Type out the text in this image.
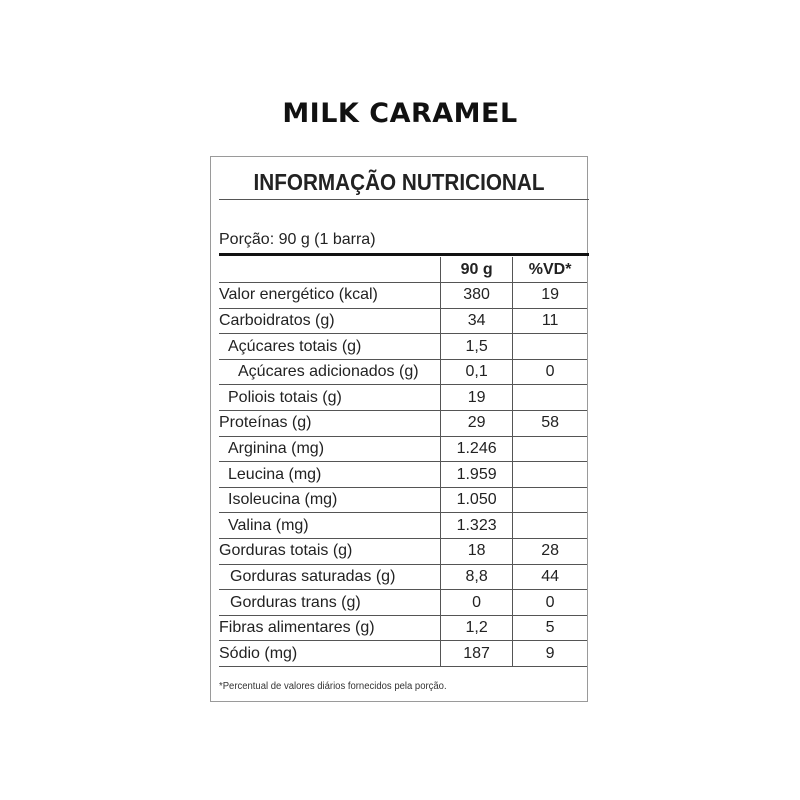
MILK CARAMEL
INFORMAÇÃO NUTRICIONAL
Porção: 90 g (1 barra)
	90 g	%VD*
Valor energético (kcal)	380	19
Carboidratos (g)	34	11
Açúcares totais (g)	1,5	
Açúcares adicionados (g)	0,1	0
Poliois totais (g)	19	
Proteínas (g)	29	58
Arginina (mg)	1.246	
Leucina (mg)	1.959	
Isoleucina (mg)	1.050	
Valina (mg)	1.323	
Gorduras totais (g)	18	28
Gorduras saturadas (g)	8,8	44
Gorduras trans (g)	0	0
Fibras alimentares (g)	1,2	5
Sódio (mg)	187	9
*Percentual de valores diários fornecidos pela porção.
